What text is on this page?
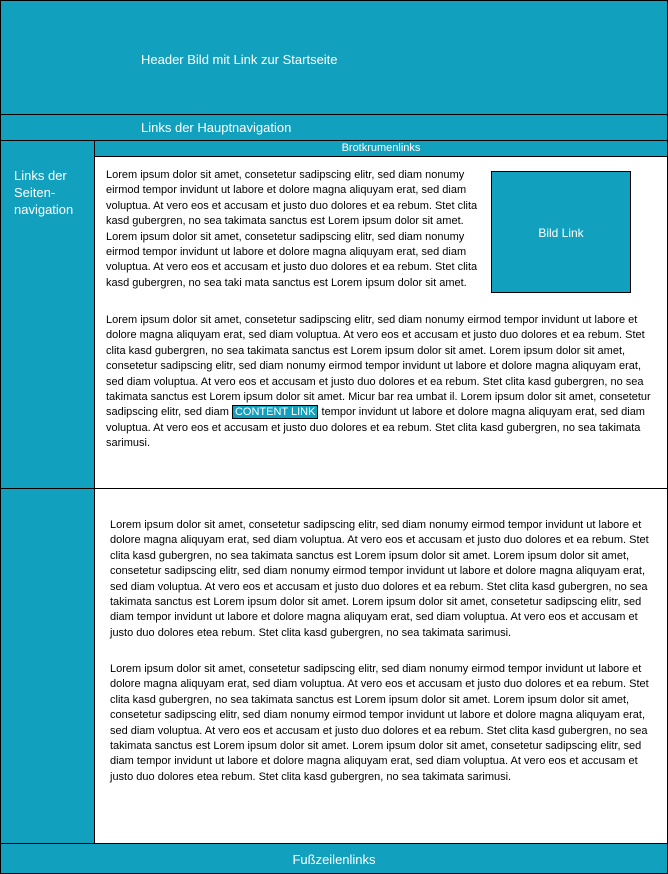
Header Bild mit Link zur Startseite
Links der Hauptnavigation
Links der
Seiten-
navigation
Brotkrumenlinks

Lorem ipsum dolor sit amet, consetetur sadipscing elitr, sed diam nonumy eirmod tempor invidunt ut labore et dolore magna aliquyam erat, sed diam voluptua. At vero eos et accusam et justo duo dolores et ea rebum. Stet clita kasd gubergren, no sea takimata sanctus est Lorem ipsum dolor sit amet. Lorem ipsum dolor sit amet, consetetur sadipscing elitr, sed diam nonumy eirmod tempor invidunt ut labore et dolore magna aliquyam erat, sed diam voluptua. At vero eos et accusam et justo duo dolores et ea rebum. Stet clita kasd gubergren, no sea taki mata sanctus est Lorem ipsum dolor sit amet.

Bild Link

Lorem ipsum dolor sit amet, consetetur sadipscing elitr, sed diam nonumy eirmod tempor invidunt ut labore et dolore magna aliquyam erat, sed diam voluptua. At vero eos et accusam et justo duo dolores et ea rebum. Stet clita kasd gubergren, no sea takimata sanctus est Lorem ipsum dolor sit amet. Lorem ipsum dolor sit amet, consetetur sadipscing elitr, sed diam nonumy eirmod tempor invidunt ut labore et dolore magna aliquyam erat, sed diam voluptua. At vero eos et accusam et justo duo dolores et ea rebum. Stet clita kasd gubergren, no sea takimata sanctus est Lorem ipsum dolor sit amet. Micur bar rea umbat il. Lorem ipsum dolor sit amet, consetetur sadipscing elitr, sed diam CONTENT LINK tempor invidunt ut labore et dolore magna aliquyam erat, sed diam voluptua. At vero eos et accusam et justo duo dolores et ea rebum. Stet clita kasd gubergren, no sea takimata sarimusi.

Lorem ipsum dolor sit amet, consetetur sadipscing elitr, sed diam nonumy eirmod tempor invidunt ut labore et dolore magna aliquyam erat, sed diam voluptua. At vero eos et accusam et justo duo dolores et ea rebum. Stet clita kasd gubergren, no sea takimata sanctus est Lorem ipsum dolor sit amet. Lorem ipsum dolor sit amet, consetetur sadipscing elitr, sed diam nonumy eirmod tempor invidunt ut labore et dolore magna aliquyam erat, sed diam voluptua. At vero eos et accusam et justo duo dolores et ea rebum. Stet clita kasd gubergren, no sea takimata sanctus est Lorem ipsum dolor sit amet. Lorem ipsum dolor sit amet, consetetur sadipscing elitr, sed diam tempor invidunt ut labore et dolore magna aliquyam erat, sed diam voluptua. At vero eos et accusam et justo duo dolores etea rebum. Stet clita kasd gubergren, no sea takimata sarimusi.

Lorem ipsum dolor sit amet, consetetur sadipscing elitr, sed diam nonumy eirmod tempor invidunt ut labore et dolore magna aliquyam erat, sed diam voluptua. At vero eos et accusam et justo duo dolores et ea rebum. Stet clita kasd gubergren, no sea takimata sanctus est Lorem ipsum dolor sit amet. Lorem ipsum dolor sit amet, consetetur sadipscing elitr, sed diam nonumy eirmod tempor invidunt ut labore et dolore magna aliquyam erat, sed diam voluptua. At vero eos et accusam et justo duo dolores et ea rebum. Stet clita kasd gubergren, no sea takimata sanctus est Lorem ipsum dolor sit amet. Lorem ipsum dolor sit amet, consetetur sadipscing elitr, sed diam tempor invidunt ut labore et dolore magna aliquyam erat, sed diam voluptua. At vero eos et accusam et justo duo dolores etea rebum. Stet clita kasd gubergren, no sea takimata sarimusi.

Fußzeilenlinks
